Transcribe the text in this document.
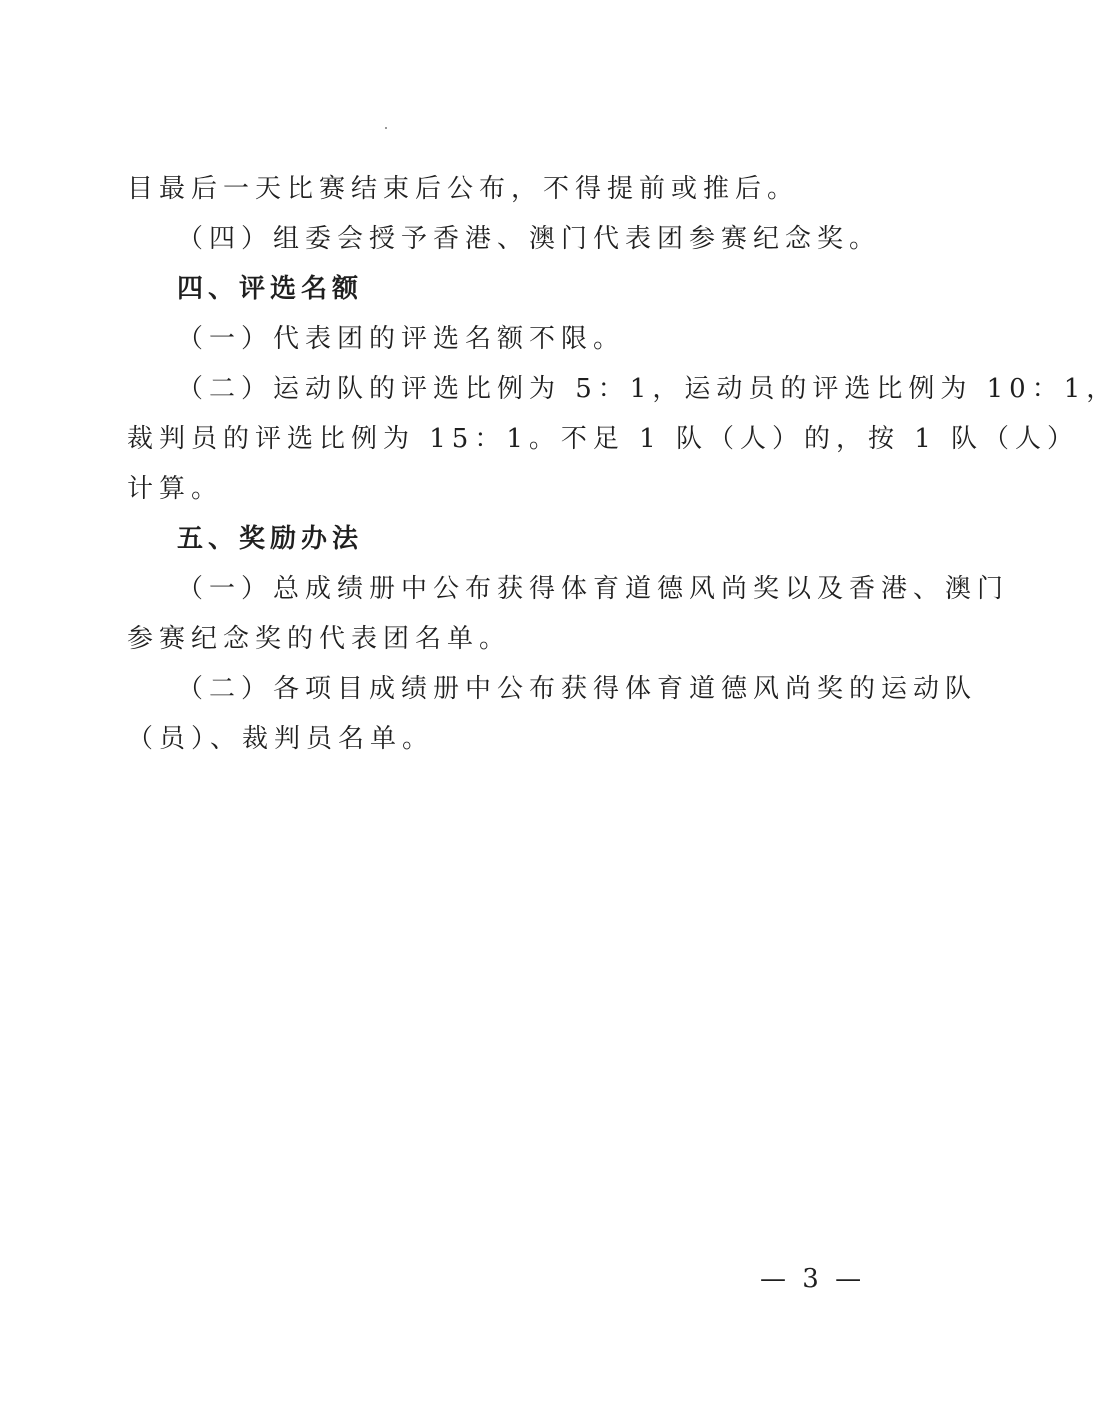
目最后一天比赛结束后公布，不得提前或推后。
（四）组委会授予香港、澳门代表团参赛纪念奖。
四、评选名额
（一）代表团的评选名额不限。
（二）运动队的评选比例为 5：1，运动员的评选比例为 10：1，
裁判员的评选比例为 15：1。不足 1 队（人）的，按 1 队（人）
计算。
五、奖励办法
（一）总成绩册中公布获得体育道德风尚奖以及香港、澳门
参赛纪念奖的代表团名单。
（二）各项目成绩册中公布获得体育道德风尚奖的运动队
（员）、裁判员名单。
— 3 —
